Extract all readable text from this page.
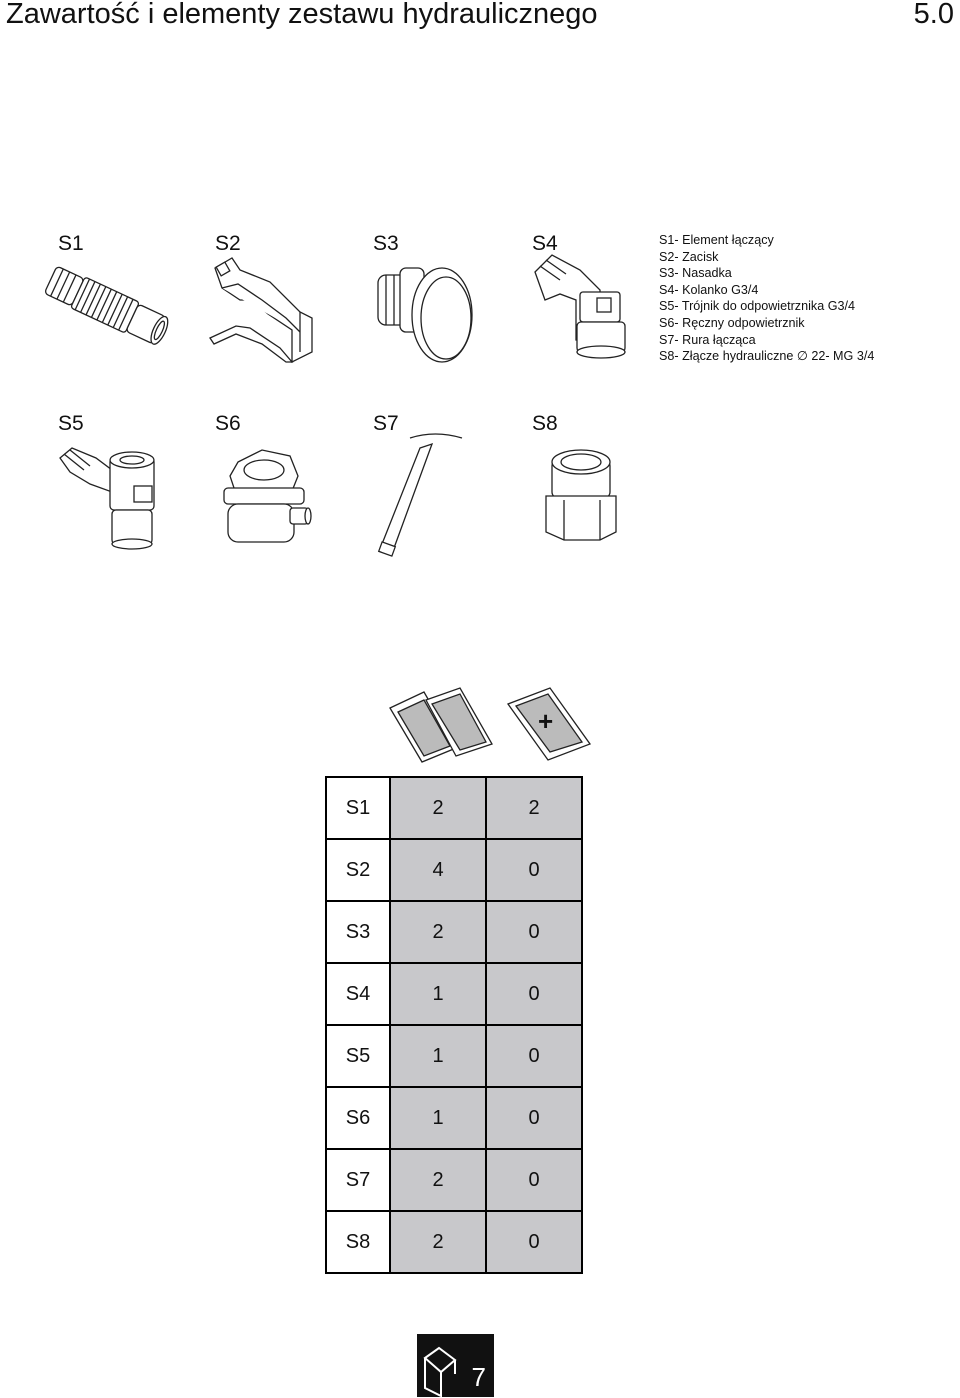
Zawartość i elementy zestawu hydraulicznego	5.0
S1	S2	S3	S4
S5	S6	S7	S8
S1- Element łączący
S2- Zacisk
S3- Nasadka
S4- Kolanko G3/4
S5- Trójnik do odpowietrznika G3/4
S6- Ręczny odpowietrznik
S7- Rura łącząca
S8- Złącze hydrauliczne ∅ 22- MG 3/4
+
S1	2	2
S2	4	0
S3	2	0
S4	1	0
S5	1	0
S6	1	0
S7	2	0
S8	2	0
7
